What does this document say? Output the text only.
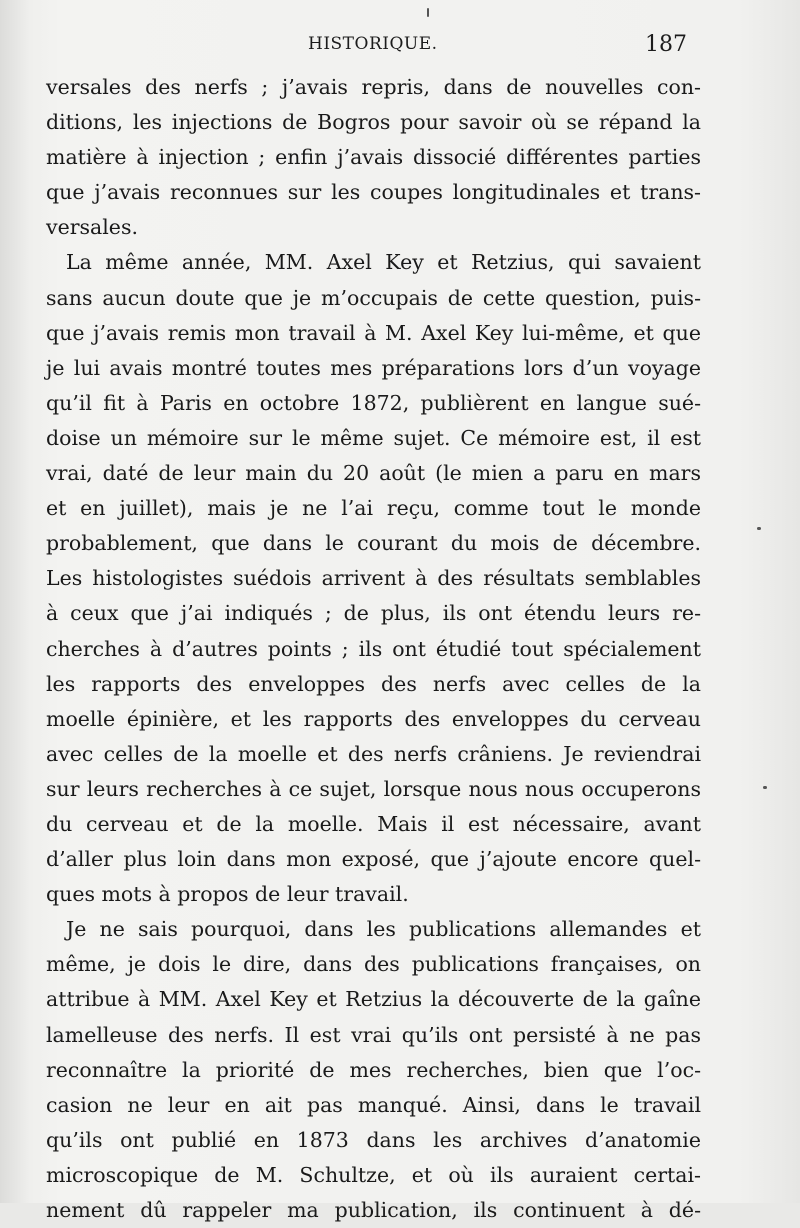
HISTORIQUE.	187
versales des nerfs ; j’avais repris, dans de nouvelles con-
ditions, les injections de Bogros pour savoir où se répand la
matière à injection ; enfin j’avais dissocié différentes parties
que j’avais reconnues sur les coupes longitudinales et trans-
versales.
La même année, MM. Axel Key et Retzius, qui savaient
sans aucun doute que je m’occupais de cette question, puis-
que j’avais remis mon travail à M. Axel Key lui-même, et que
je lui avais montré toutes mes préparations lors d’un voyage
qu’il fit à Paris en octobre 1872, publièrent en langue sué-
doise un mémoire sur le même sujet. Ce mémoire est, il est
vrai, daté de leur main du 20 août (le mien a paru en mars
et en juillet), mais je ne l’ai reçu, comme tout le monde
probablement, que dans le courant du mois de décembre.
Les histologistes suédois arrivent à des résultats semblables
à ceux que j’ai indiqués ; de plus, ils ont étendu leurs re-
cherches à d’autres points ; ils ont étudié tout spécialement
les rapports des enveloppes des nerfs avec celles de la
moelle épinière, et les rapports des enveloppes du cerveau
avec celles de la moelle et des nerfs crâniens. Je reviendrai
sur leurs recherches à ce sujet, lorsque nous nous occuperons
du cerveau et de la moelle. Mais il est nécessaire, avant
d’aller plus loin dans mon exposé, que j’ajoute encore quel-
ques mots à propos de leur travail.
Je ne sais pourquoi, dans les publications allemandes et
même, je dois le dire, dans des publications françaises, on
attribue à MM. Axel Key et Retzius la découverte de la gaîne
lamelleuse des nerfs. Il est vrai qu’ils ont persisté à ne pas
reconnaître la priorité de mes recherches, bien que l’oc-
casion ne leur en ait pas manqué. Ainsi, dans le travail
qu’ils ont publié en 1873 dans les archives d’anatomie
microscopique de M. Schultze, et où ils auraient certai-
nement dû rappeler ma publication, ils continuent à dé-
